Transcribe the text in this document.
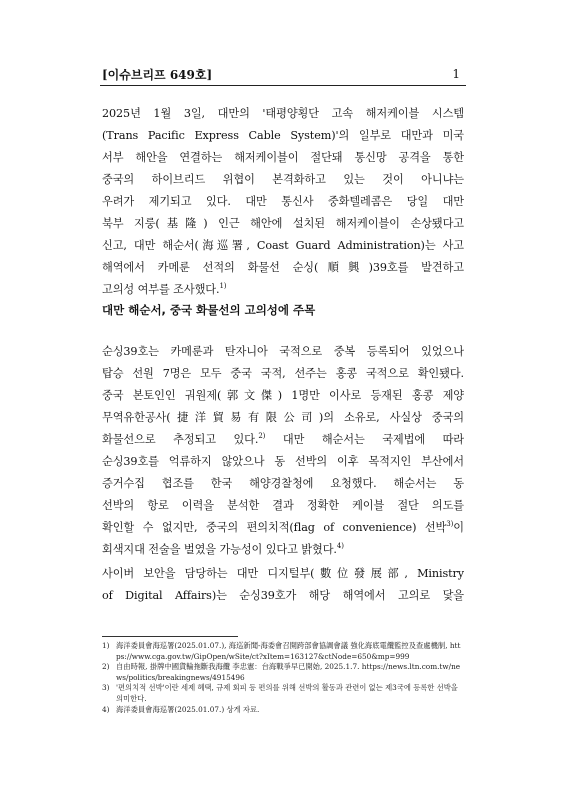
[이슈브리프 649호]	1
2025년 1월 3일, 대만의 '태평양횡단 고속 해저케이블 시스템
(Trans Pacific Express Cable System)'의 일부로 대만과 미국
서부 해안을 연결하는 해저케이블이 절단돼 통신망 공격을 통한
중국의 하이브리드 위협이 본격화하고 있는 것이 아니냐는
우려가 제기되고 있다. 대만 통신사 중화텔레콤은 당일 대만
북부 지룽(基隆) 인근 해안에 설치된 해저케이블이 손상됐다고
신고, 대만 해순서(海巡署, Coast Guard Administration)는 사고
해역에서 카메룬 선적의 화물선 순싱(順興)39호를 발견하고
고의성 여부를 조사했다.$^{1)}$
대만 해순서, 중국 화물선의 고의성에 주목
순싱39호는 카메룬과 탄자니아 국적으로 중복 등록되어 있었으나
탑승 선원 7명은 모두 중국 국적, 선주는 홍콩 국적으로 확인됐다.
중국 본토인인 궈원제(郭文傑) 1명만 이사로 등재된 홍콩 제양
무역유한공사(捷洋貿易有限公司)의 소유로, 사실상 중국의
화물선으로 추정되고 있다.$^{2)}$ 대만 해순서는 국제법에 따라
순싱39호를 억류하지 않았으나 동 선박의 이후 목적지인 부산에서
증거수집 협조를 한국 해양경찰청에 요청했다. 해순서는 동
선박의 항로 이력을 분석한 결과 정확한 케이블 절단 의도를
확인할 수 없지만, 중국의 편의치적(flag of convenience) 선박$^{3)}$이
회색지대 전술을 벌였을 가능성이 있다고 밝혔다.$^{4)}$
사이버 보안을 담당하는 대만 디지털부(數位發展部, Ministry
of Digital Affairs)는 순싱39호가 해당 해역에서 고의로 닻을
1) 海洋委員會海巡署(2025.01.07.), 海巡新聞-海委會召開跨部會協調會議 強化海底電纜監控及查處機制, https://www.cga.gov.tw/GipOpen/wSite/ct?xItem=163127&ctNode=650&mp=999
2) 自由時報, 掛牌中國貨輪拖斷我海纜 李忠憲：台海戰爭早已開始, 2025.1.7. https://news.ltn.com.tw/news/politics/breakingnews/4915496
3) '편의치적 선박'이란 세제 혜택, 규제 회피 등 편의를 위해 선박의 활동과 관련이 없는 제3국에 등록한 선박을 의미한다.
4) 海洋委員會海巡署(2025.01.07.) 상게 자료.
